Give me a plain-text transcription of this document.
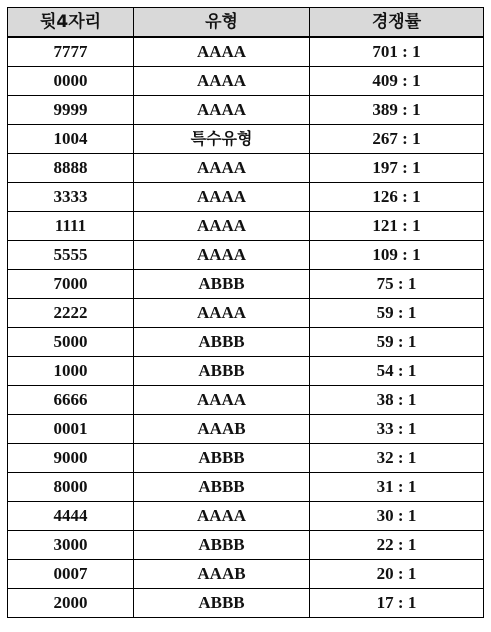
뒷4자리	유형	경쟁률
7777	AAAA	701 : 1
0000	AAAA	409 : 1
9999	AAAA	389 : 1
1004	특수유형	267 : 1
8888	AAAA	197 : 1
3333	AAAA	126 : 1
1111	AAAA	121 : 1
5555	AAAA	109 : 1
7000	ABBB	75 : 1
2222	AAAA	59 : 1
5000	ABBB	59 : 1
1000	ABBB	54 : 1
6666	AAAA	38 : 1
0001	AAAB	33 : 1
9000	ABBB	32 : 1
8000	ABBB	31 : 1
4444	AAAA	30 : 1
3000	ABBB	22 : 1
0007	AAAB	20 : 1
2000	ABBB	17 : 1
